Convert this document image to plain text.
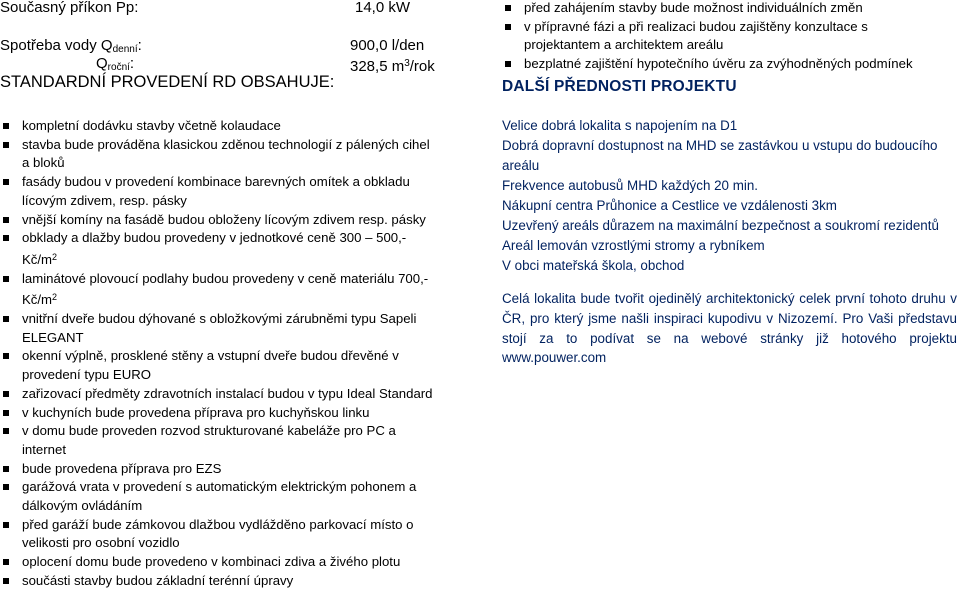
Současný příkon Pp:	14,0 kW
Spotřeba vody $Q_{denní}$:	900,0 l/den
$Q_{roční}$:	328,5 $m^3$/rok
STANDARDNÍ PROVEDENÍ RD OBSAHUJE:
kompletní dodávku stavby včetně kolaudace
stavba bude prováděna klasickou zděnou technologií z pálených cihel a bloků
fasády budou v provedení kombinace barevných omítek a obkladu lícovým zdivem, resp. pásky
vnější komíny na fasádě budou obloženy lícovým zdivem resp. pásky
obklady a dlažby budou provedeny v jednotkové ceně 300 – 500,- $Kč/m^2$
laminátové plovoucí podlahy budou provedeny v ceně materiálu 700,- $Kč/m^2$
vnitřní dveře budou dýhované s obložkovými zárubněmi typu Sapeli ELEGANT
okenní výplně, prosklené stěny a vstupní dveře budou dřevěné v provedení typu EURO
zařizovací předměty zdravotních instalací budou v typu Ideal Standard
v kuchyních bude provedena příprava pro kuchyňskou linku
v domu bude proveden rozvod strukturované kabeláže pro PC a internet
bude provedena příprava pro EZS
garážová vrata v provedení s automatickým elektrickým pohonem a dálkovým ovládáním
před garáží bude zámkovou dlažbou vydlážděno parkovací místo o velikosti pro osobní vozidlo
oplocení domu bude provedeno v kombinaci zdiva a živého plotu
součásti stavby budou základní terénní úpravy
před zahájením stavby bude možnost individuálních změn
v přípravné fázi a při realizaci budou zajištěny konzultace s projektantem a architektem areálu
bezplatné zajištění hypotečního úvěru za zvýhodněných podmínek
DALŠÍ PŘEDNOSTI PROJEKTU
Velice dobrá lokalita s napojením na D1
Dobrá dopravní dostupnost na MHD se zastávkou u vstupu do budoucího areálu
Frekvence autobusů MHD každých 20 min.
Nákupní centra Průhonice a Cestlice ve vzdálenosti 3km
Uzevřený areáls důrazem na maximální bezpečnost a soukromí rezidentů
Areál lemován vzrostlými stromy a rybníkem
V obci mateřská škola, obchod
Celá lokalita bude tvořit ojedinělý architektonický celek první tohoto druhu v ČR, pro který jsme našli inspiraci kupodivu v Nizozemí. Pro Vaši představu stojí za to podívat se na webové stránky již hotového projektu www.pouwer.com
